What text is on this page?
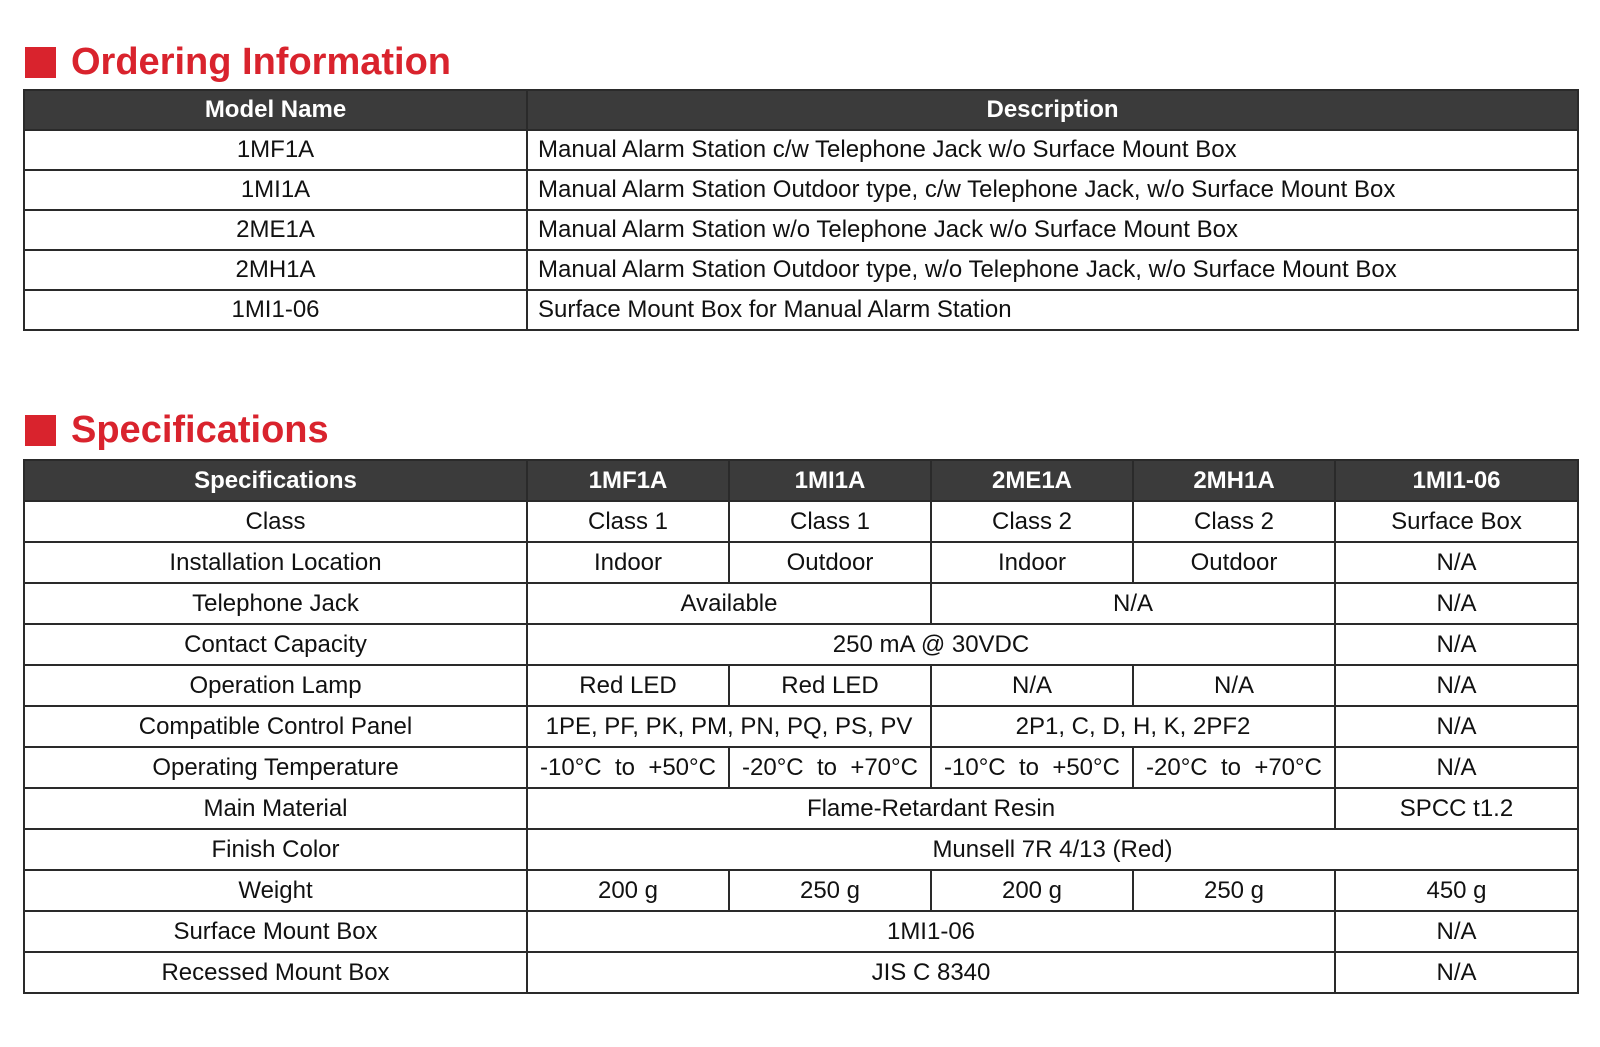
Ordering Information
Model Name	Description
1MF1A	Manual Alarm Station c/w Telephone Jack w/o Surface Mount Box
1MI1A	Manual Alarm Station Outdoor type, c/w Telephone Jack, w/o Surface Mount Box
2ME1A	Manual Alarm Station w/o Telephone Jack w/o Surface Mount Box
2MH1A	Manual Alarm Station Outdoor type, w/o Telephone Jack, w/o Surface Mount Box
1MI1-06	Surface Mount Box for Manual Alarm Station
Specifications
Specifications	1MF1A	1MI1A	2ME1A	2MH1A	1MI1-06
Class	Class 1	Class 1	Class 2	Class 2	Surface Box
Installation Location	Indoor	Outdoor	Indoor	Outdoor	N/A
Telephone Jack	Available		N/A		N/A
Contact Capacity	250 mA @ 30VDC				N/A
Operation Lamp	Red LED	Red LED	N/A	N/A	N/A
Compatible Control Panel	1PE, PF, PK, PM, PN, PQ, PS, PV		2P1, C, D, H, K, 2PF2		N/A
Operating Temperature	-10°C  to  +50°C	-20°C  to  +70°C	-10°C  to  +50°C	-20°C  to  +70°C	N/A
Main Material	Flame-Retardant Resin				SPCC t1.2
Finish Color	Munsell 7R 4/13 (Red)				
Weight	200 g	250 g	200 g	250 g	450 g
Surface Mount Box	1MI1-06				N/A
Recessed Mount Box	JIS C 8340				N/A
